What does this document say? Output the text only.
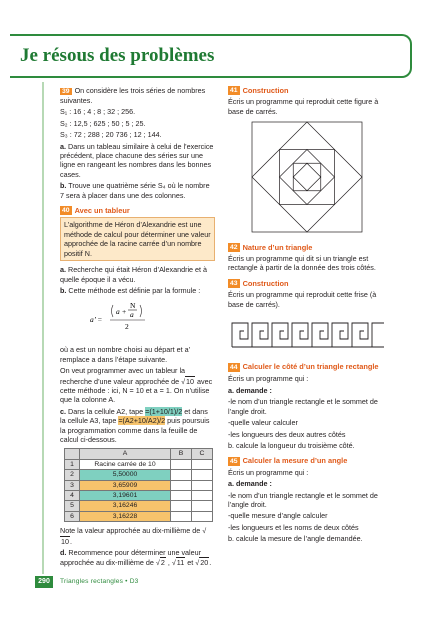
Je résous des problèmes

39 On considère les trois séries de nombres suivantes.

S₁ : 16 ; 4 ; 8 ; 32 ; 256.

S₂ : 12,5 ; 625 ; 50 ; 5 ; 25.

S₃ : 72 ; 288 ; 20 736 ; 12 ; 144.

a. Dans un tableau similaire à celui de l’exercice précédent, place chacune des séries sur une ligne en rangeant les nombres dans les bonnes cases.

b. Trouve une quatrième série S₄ où le nombre 7 sera à placer dans une des colonnes.

40 Avec un tableur
L’algorithme de Héron d’Alexandrie est une méthode de calcul pour déterminer une valeur approchée de la racine carrée d’un nombre positif N.

a. Recherche qui était Héron d’Alexandrie et à quelle époque il a vécu.

b. Cette méthode est définie par la formule :

a’ =
a +
N
a
2

où a est un nombre choisi au départ et a’ remplace a dans l’étape suivante.

On veut programmer avec un tableur la recherche d’une valeur approchée de √10 avec cette méthode : ici, N = 10 et a = 1. On n’utilise que la colonne A.

c. Dans la cellule A2, tape =(1+10/1)/2 et dans la cellule A3, tape =(A2+10/A2)/2 puis poursuis la programmation comme dans la feuille de calcul ci-dessous.

	A	B	C
1	Racine carrée de 10		
2	5,50000		
3	3,65909		
4	3,19601		
5	3,16246		
6	3,16228		

Note la valeur approchée au dix-millième de √10.

d. Recommence pour déterminer une valeur approchée au dix-millième de √2 , √11 et √20.

41 Construction

Écris un programme qui reproduit cette figure à base de carrés.

42 Nature d’un triangle

Écris un programme qui dit si un triangle est rectangle à partir de la donnée des trois côtés.

43 Construction

Écris un programme qui reproduit cette frise (à base de carrés).

44 Calculer le côté d’un triangle rectangle

Écris un programme qui :

a. demande :

-le nom d’un triangle rectangle et le sommet de l’angle droit.

-quelle valeur calculer

-les longueurs des deux autres côtés

b. calcule la longueur du troisième côté.

45 Calculer la mesure d’un angle

Écris un programme qui :

a. demande :

-le nom d’un triangle rectangle et le sommet de l’angle droit.

-quelle mesure d’angle calculer

-les longueurs et les noms de deux côtés

b. calcule la mesure de l’angle demandée.

290	Triangles rectangles • D3
